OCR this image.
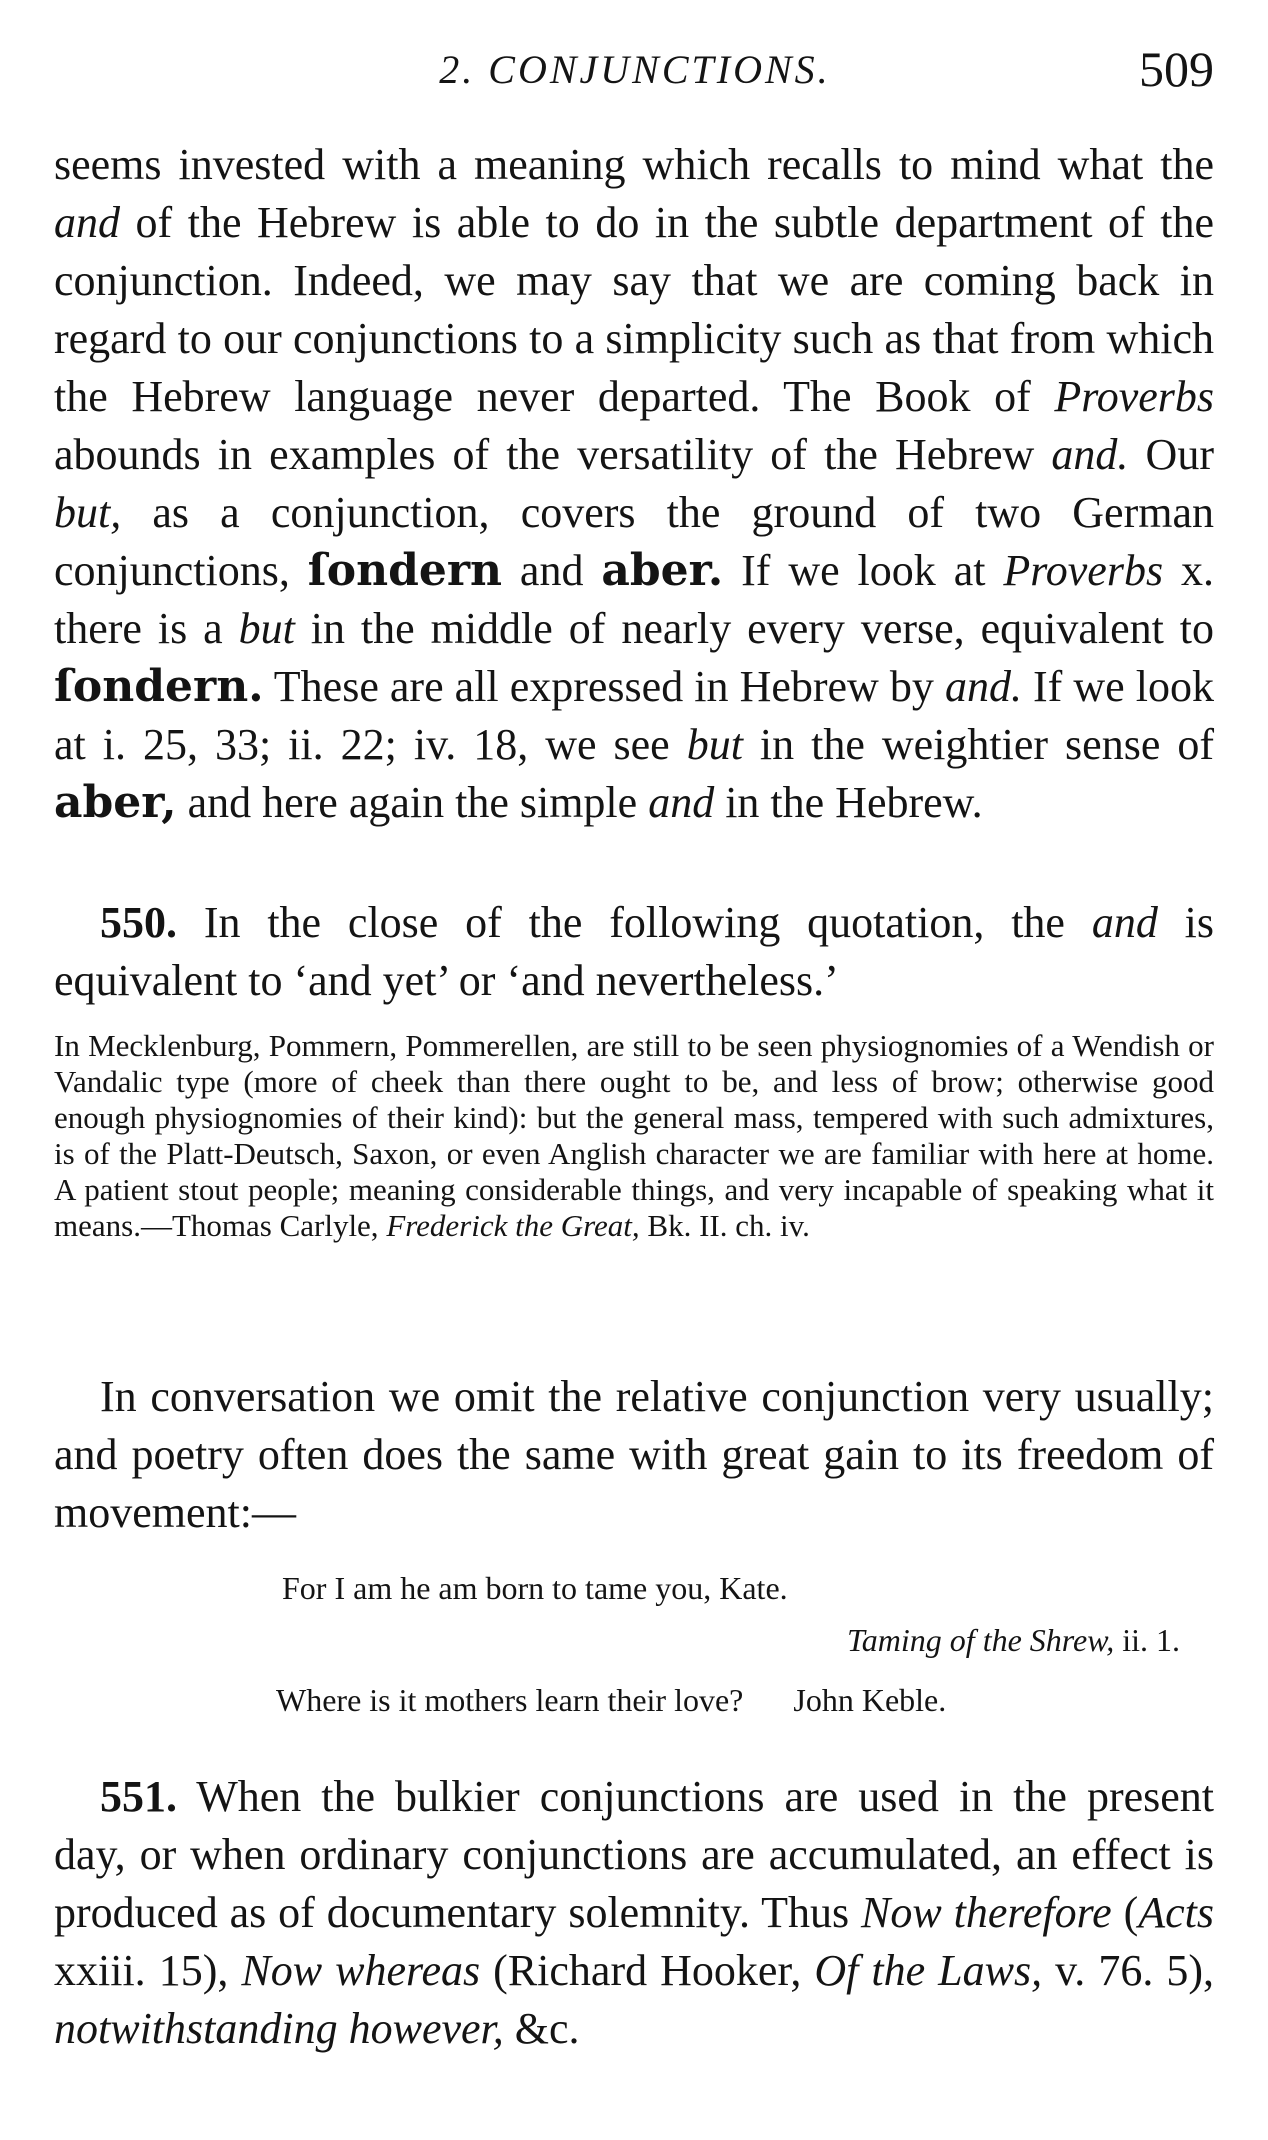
2. CONJUNCTIONS.	509

seems invested with a meaning which recalls to mind what the and of the Hebrew is able to do in the subtle department of the conjunction. Indeed, we may say that we are coming back in regard to our conjunctions to a simplicity such as that from which the Hebrew language never departed. The Book of Proverbs abounds in examples of the versatility of the Hebrew and. Our but, as a conjunction, covers the ground of two German conjunctions, ſondern and aber. If we look at Proverbs x. there is a but in the middle of nearly every verse, equivalent to ſondern. These are all expressed in Hebrew by and. If we look at i. 25, 33; ii. 22; iv. 18, we see but in the weightier sense of aber, and here again the simple and in the Hebrew.

550. In the close of the following quotation, the and is equivalent to ‘and yet’ or ‘and nevertheless.’

In Mecklenburg, Pommern, Pommerellen, are still to be seen physiognomies of a Wendish or Vandalic type (more of cheek than there ought to be, and less of brow; otherwise good enough physiognomies of their kind): but the general mass, tempered with such admixtures, is of the Platt-Deutsch, Saxon, or even Anglish character we are familiar with here at home. A patient stout people; meaning considerable things, and very incapable of speaking what it means.—Thomas Carlyle, Frederick the Great, Bk. II. ch. iv.

In conversation we omit the relative conjunction very usually; and poetry often does the same with great gain to its freedom of movement:—

For I am he am born to tame you, Kate.
Taming of the Shrew, ii. 1.
Where is it mothers learn their love? John Keble.

551. When the bulkier conjunctions are used in the present day, or when ordinary conjunctions are accumulated, an effect is produced as of documentary solemnity. Thus Now therefore (Acts xxiii. 15), Now whereas (Richard Hooker, Of the Laws, v. 76. 5), notwithstanding however, &c.
